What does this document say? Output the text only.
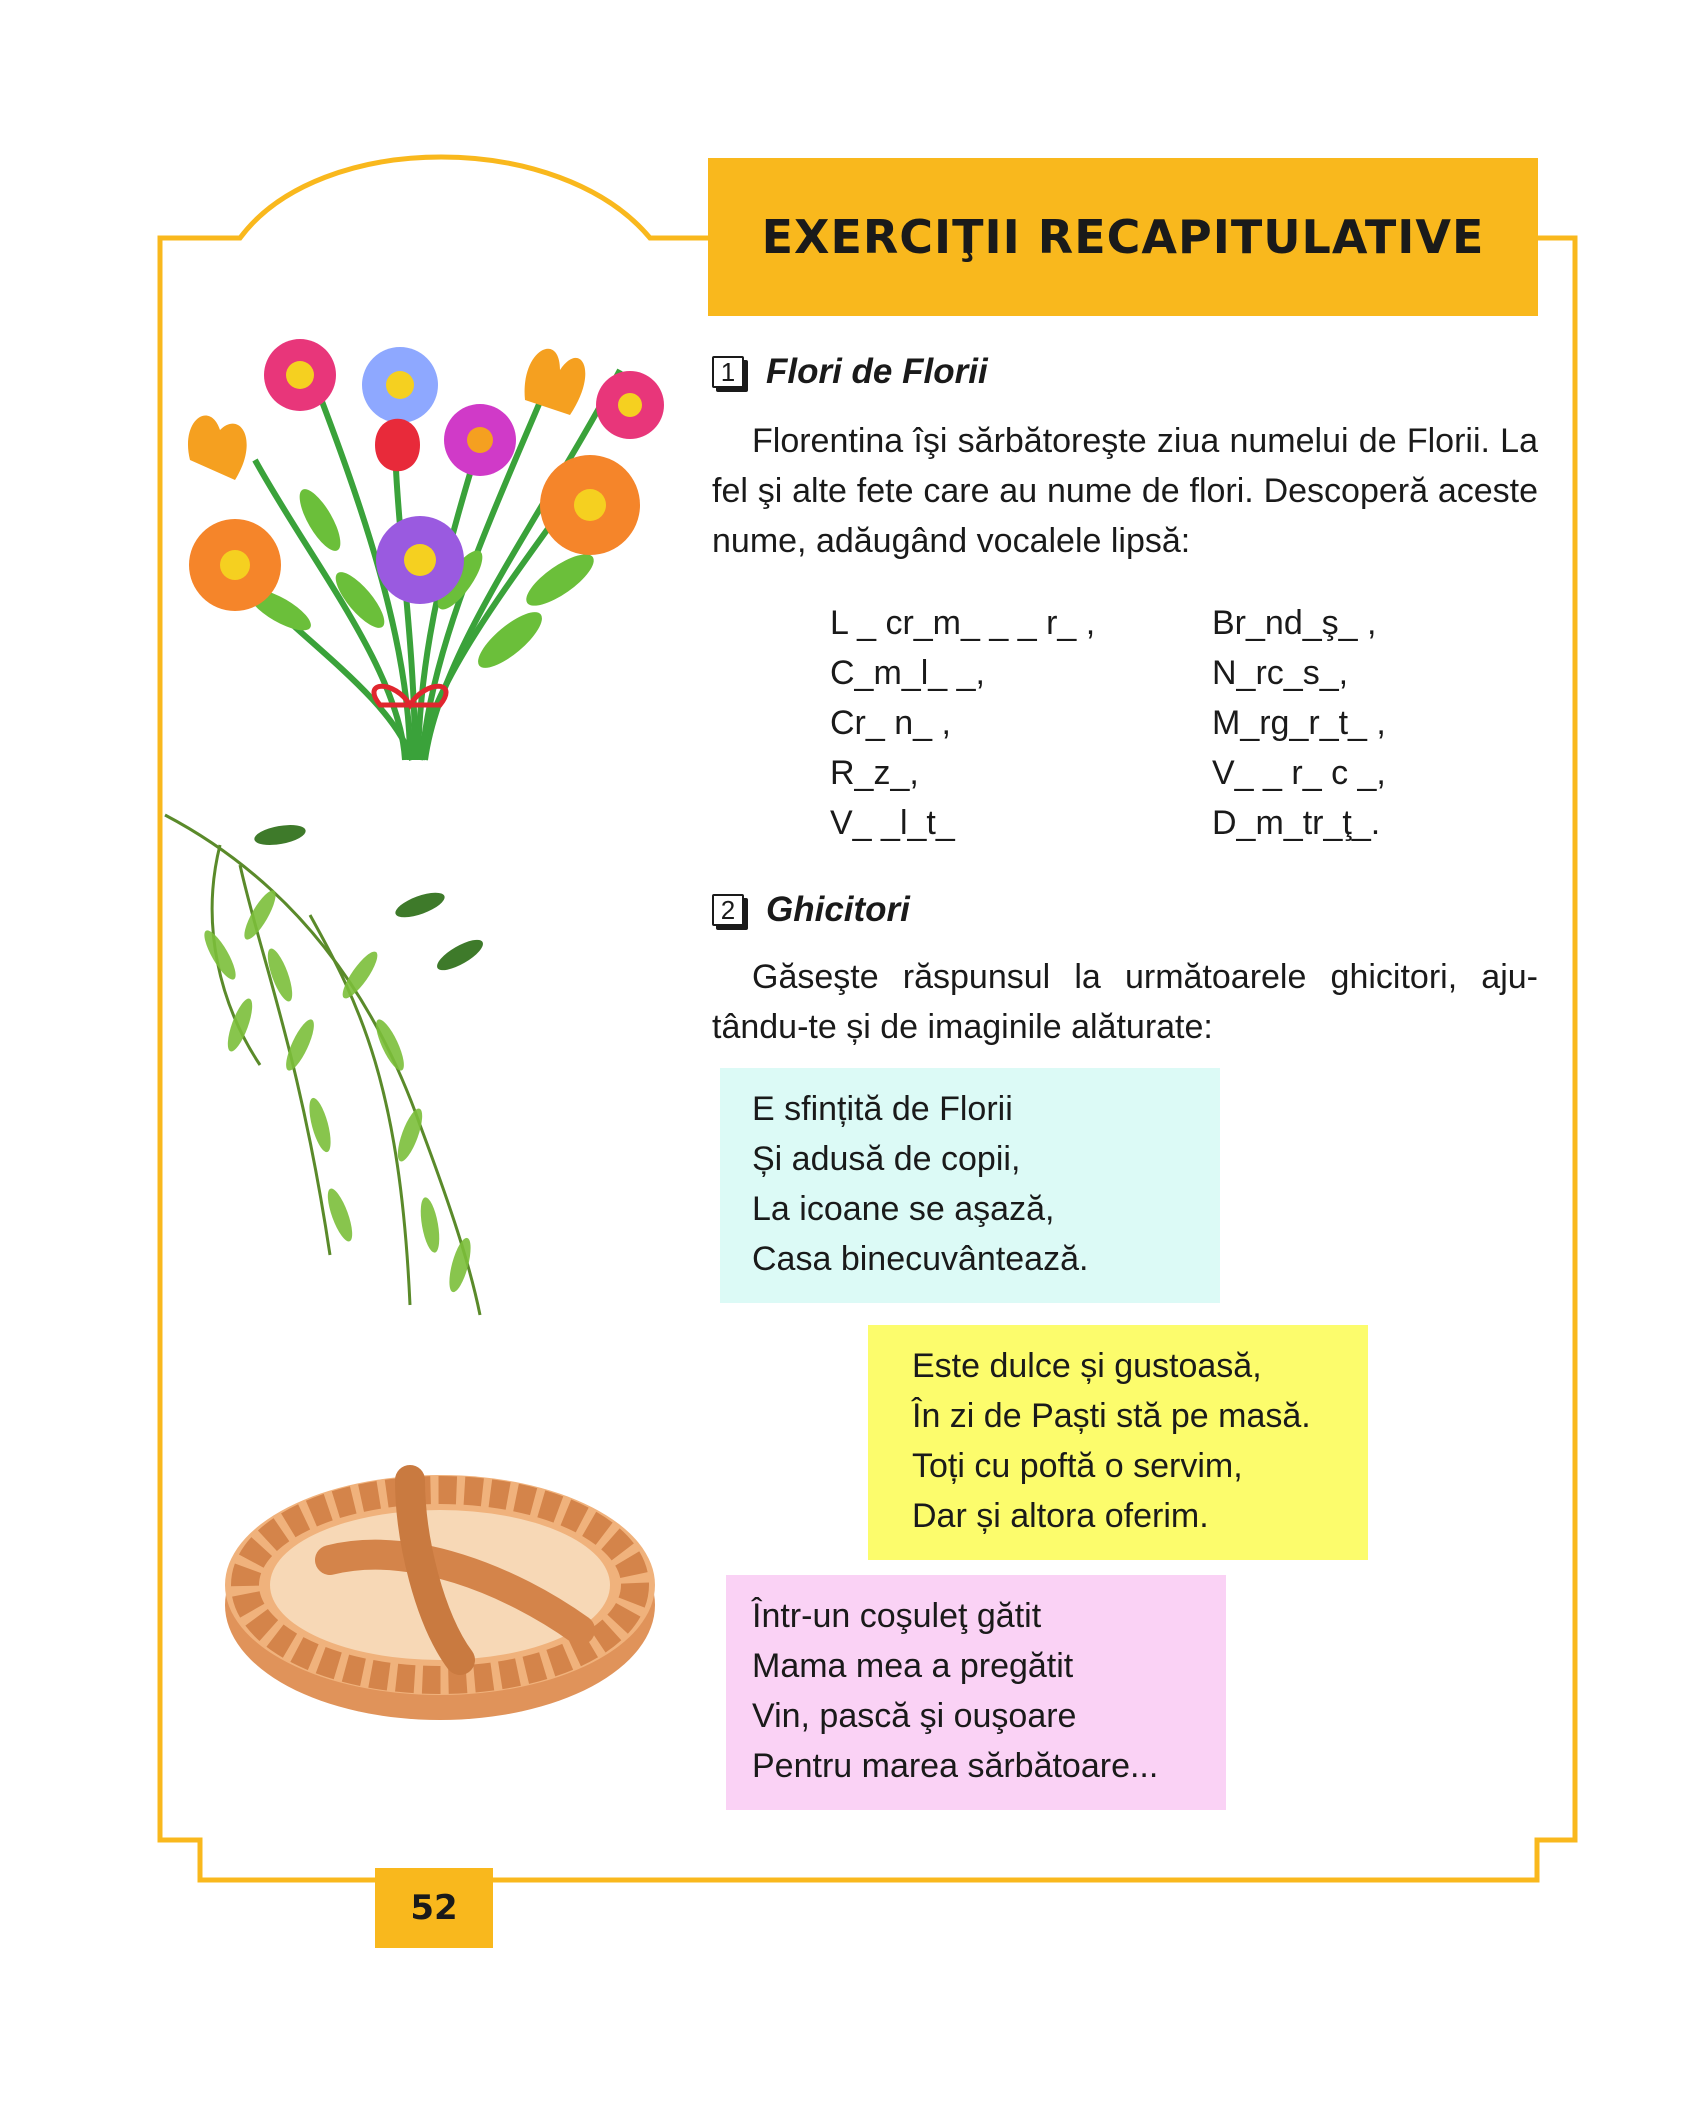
EXERCIŢII RECAPITULATIVE
1 Flori de Florii
Florentina îşi sărbătoreşte ziua numelui de Florii. La fel şi alte fete care au nume de flori. Descoperă aceste nume, adăugând vocalele lipsă:
L _ cr_m_ _ _ r_ ,
C_m_l_ _,
Cr_ n_ ,
R_z_,
V_ _l_t_
Br_nd_ş_ ,
N_rc_s_,
M_rg_r_t_ ,
V_ _ r_ c _,
D_m_tr_ţ_.
2 Ghicitori
Găseşte răspunsul la următoarele ghicitori, ajutându-te și de imaginile alăturate:
E sfințită de Florii
Și adusă de copii,
La icoane se aşază,
Casa binecuvântează.
Este dulce și gustoasă,
În zi de Paști stă pe masă.
Toți cu poftă o servim,
Dar și altora oferim.
Într-un coşuleţ gătit
Mama mea a pregătit
Vin, pască şi ouşoare
Pentru marea sărbătoare...
52
